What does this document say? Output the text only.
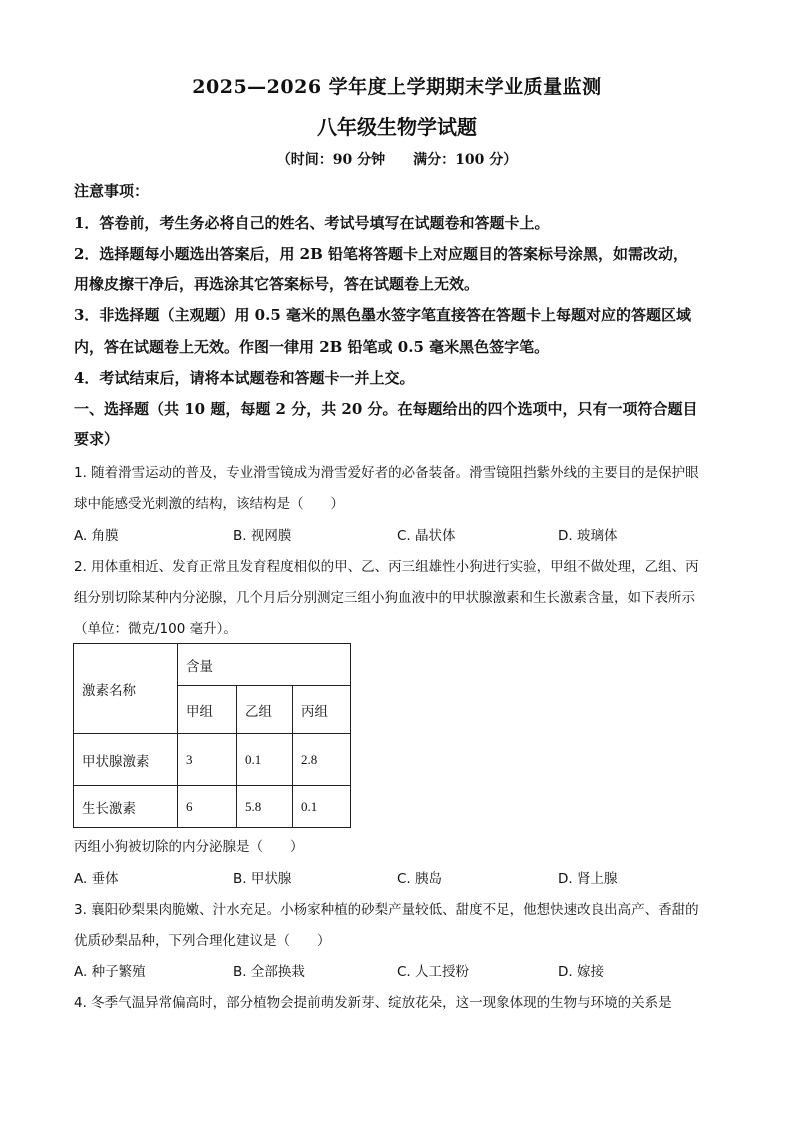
2025—2026 学年度上学期期末学业质量监测
八年级生物学试题
（时间：90 分钟　　满分：100 分）
注意事项：
1．答卷前，考生务必将自己的姓名、考试号填写在试题卷和答题卡上。
2．选择题每小题选出答案后，用 2B 铅笔将答题卡上对应题目的答案标号涂黑，如需改动，
用橡皮擦干净后，再选涂其它答案标号，答在试题卷上无效。
3．非选择题（主观题）用 0.5 毫米的黑色墨水签字笔直接答在答题卡上每题对应的答题区域
内，答在试题卷上无效。作图一律用 2B 铅笔或 0.5 毫米黑色签字笔。
4．考试结束后，请将本试题卷和答题卡一并上交。
一、选择题（共 10 题，每题 2 分，共 20 分。在每题给出的四个选项中，只有一项符合题目
要求）
1. 随着滑雪运动的普及，专业滑雪镜成为滑雪爱好者的必备装备。滑雪镜阻挡紫外线的主要目的是保护眼
球中能感受光刺激的结构，该结构是（　　）
A. 角膜	B. 视网膜	C. 晶状体	D. 玻璃体
2. 用体重相近、发育正常且发育程度相似的甲、乙、丙三组雄性小狗进行实验，甲组不做处理，乙组、丙
组分别切除某种内分泌腺，几个月后分别测定三组小狗血液中的甲状腺激素和生长激素含量，如下表所示
（单位：微克/100 毫升）。
激素名称	含量		
	甲组	乙组	丙组
甲状腺激素	3	0.1	2.8
生长激素	6	5.8	0.1
丙组小狗被切除的内分泌腺是（　　）
A. 垂体	B. 甲状腺	C. 胰岛	D. 肾上腺
3. 襄阳砂梨果肉脆嫩、汁水充足。小杨家种植的砂梨产量较低、甜度不足，他想快速改良出高产、香甜的
优质砂梨品种，下列合理化建议是（　　）
A. 种子繁殖	B. 全部换栽	C. 人工授粉	D. 嫁接
4. 冬季气温异常偏高时，部分植物会提前萌发新芽、绽放花朵，这一现象体现的生物与环境的关系是
